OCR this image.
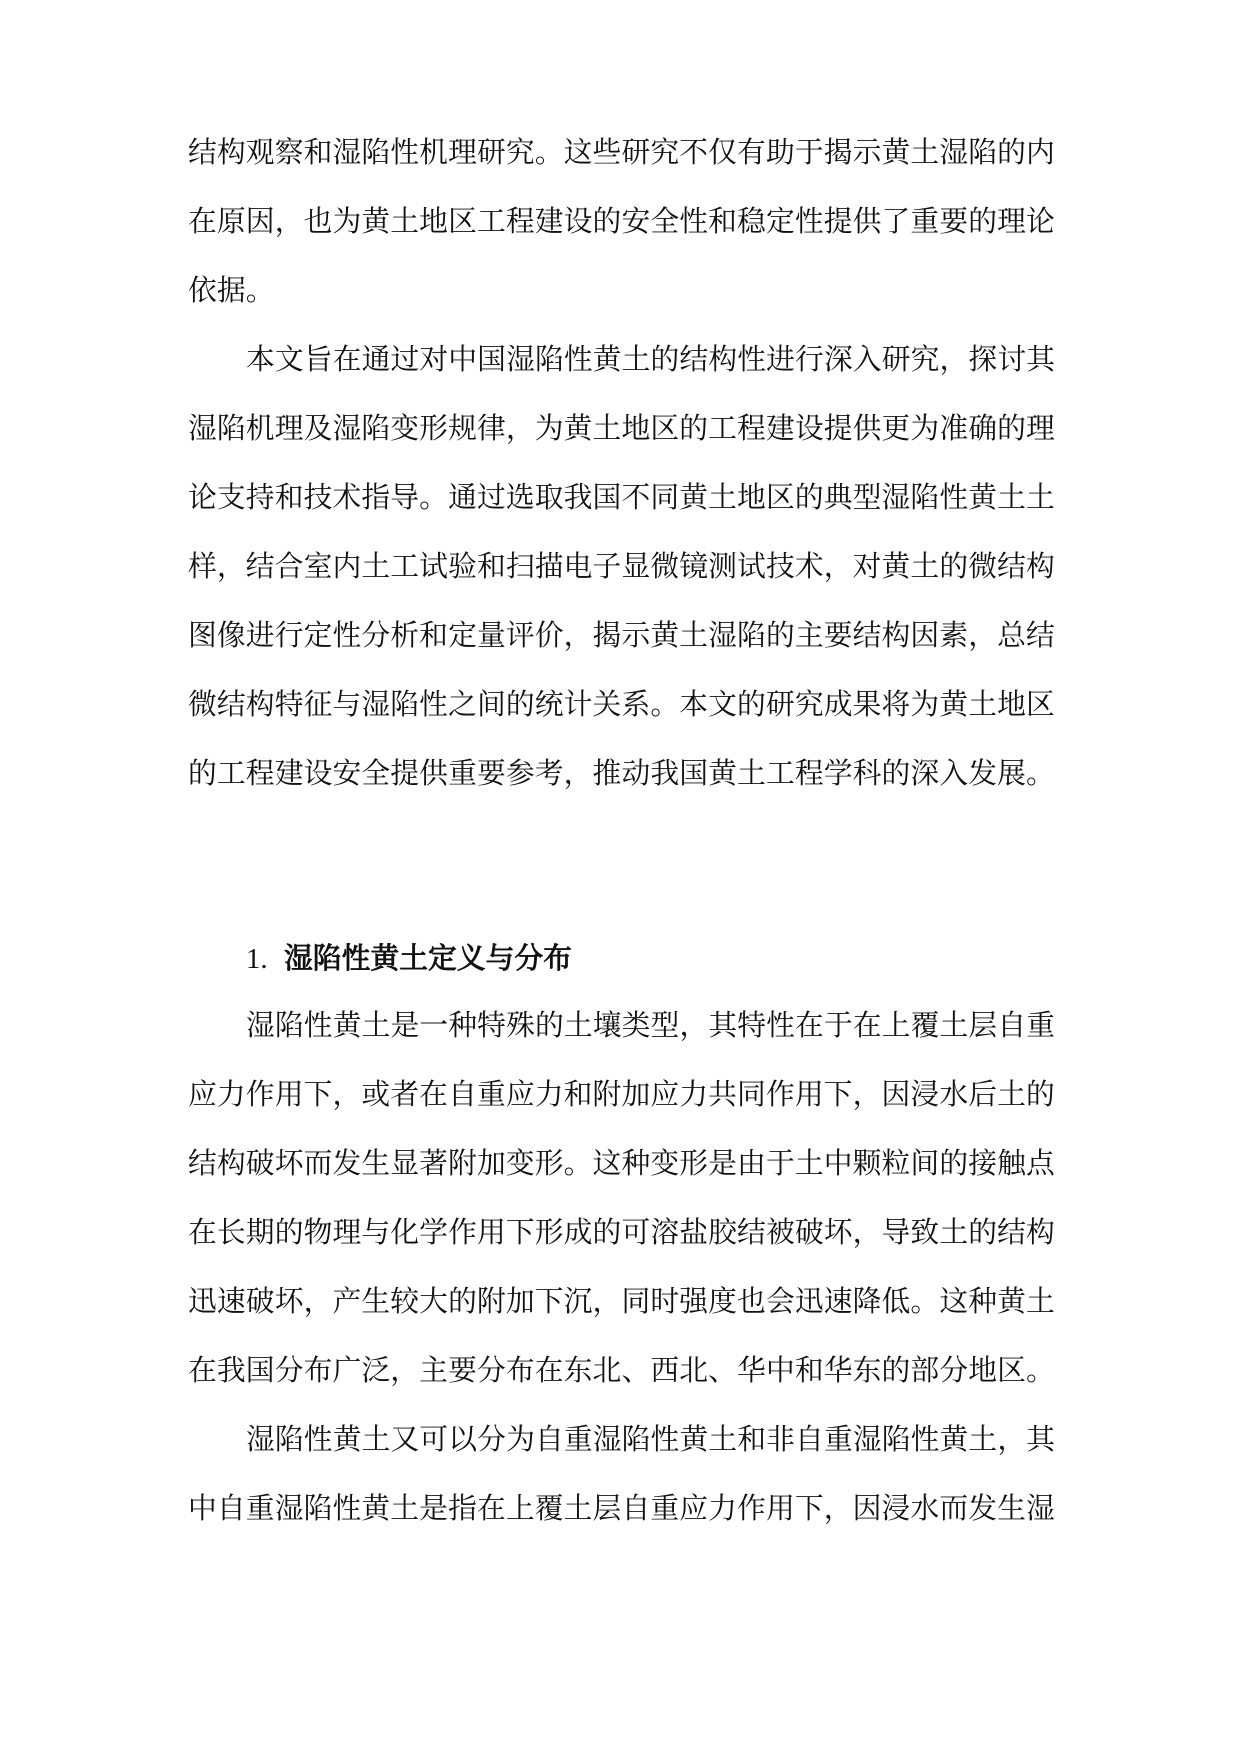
结构观察和湿陷性机理研究。这些研究不仅有助于揭示黄土湿陷的内
在原因，也为黄土地区工程建设的安全性和稳定性提供了重要的理论
依据。
本文旨在通过对中国湿陷性黄土的结构性进行深入研究，探讨其
湿陷机理及湿陷变形规律，为黄土地区的工程建设提供更为准确的理
论支持和技术指导。通过选取我国不同黄土地区的典型湿陷性黄土土
样，结合室内土工试验和扫描电子显微镜测试技术，对黄土的微结构
图像进行定性分析和定量评价，揭示黄土湿陷的主要结构因素，总结
微结构特征与湿陷性之间的统计关系。本文的研究成果将为黄土地区
的工程建设安全提供重要参考，推动我国黄土工程学科的深入发展。
1. 湿陷性黄土定义与分布
湿陷性黄土是一种特殊的土壤类型，其特性在于在上覆土层自重
应力作用下，或者在自重应力和附加应力共同作用下，因浸水后土的
结构破坏而发生显著附加变形。这种变形是由于土中颗粒间的接触点
在长期的物理与化学作用下形成的可溶盐胶结被破坏，导致土的结构
迅速破坏，产生较大的附加下沉，同时强度也会迅速降低。这种黄土
在我国分布广泛，主要分布在东北、西北、华中和华东的部分地区。
湿陷性黄土又可以分为自重湿陷性黄土和非自重湿陷性黄土，其
中自重湿陷性黄土是指在上覆土层自重应力作用下，因浸水而发生湿
